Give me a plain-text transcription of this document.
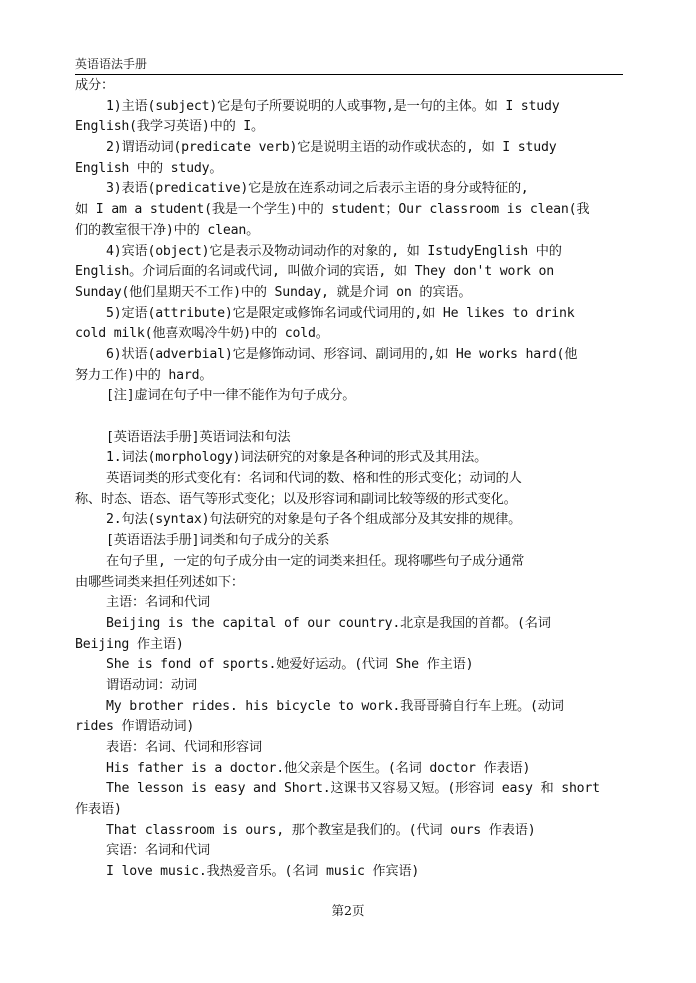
英语语法手册
成分：
1)主语(subject)它是句子所要说明的人或事物,是一句的主体。如 I study
English(我学习英语)中的 I。
2)谓语动词(predicate verb)它是说明主语的动作或状态的, 如 I study
English 中的 study。
3)表语(predicative)它是放在连系动词之后表示主语的身分或特征的,
如 I am a student(我是一个学生)中的 student；Our classroom is clean(我
们的教室很干净)中的 clean。
4)宾语(object)它是表示及物动词动作的对象的, 如 IstudyEnglish 中的
English。介词后面的名词或代词, 叫做介词的宾语, 如 They don't work on
Sunday(他们星期天不工作)中的 Sunday, 就是介词 on 的宾语。
5)定语(attribute)它是限定或修饰名词或代词用的,如 He likes to drink
cold milk(他喜欢喝冷牛奶)中的 cold。
6)状语(adverbial)它是修饰动词、形容词、副词用的,如 He works hard(他
努力工作)中的 hard。
[注]虚词在句子中一律不能作为句子成分。
[英语语法手册]英语词法和句法
1.词法(morphology)词法研究的对象是各种词的形式及其用法。
英语词类的形式变化有：名词和代词的数、格和性的形式变化；动词的人
称、时态、语态、语气等形式变化；以及形容词和副词比较等级的形式变化。
2.句法(syntax)句法研究的对象是句子各个组成部分及其安排的规律。
[英语语法手册]词类和句子成分的关系
在句子里, 一定的句子成分由一定的词类来担任。现将哪些句子成分通常
由哪些词类来担任列述如下：
主语：名词和代词
Beijing is the capital of our country.北京是我国的首都。(名词
Beijing 作主语)
She is fond of sports.她爱好运动。(代词 She 作主语)
谓语动词：动词
My brother rides. his bicycle to work.我哥哥骑自行车上班。(动词
rides 作谓语动词)
表语：名词、代词和形容词
His father is a doctor.他父亲是个医生。(名词 doctor 作表语)
The lesson is easy and Short.这课书又容易又短。(形容词 easy 和 short
作表语)
That classroom is ours, 那个教室是我们的。(代词 ours 作表语)
宾语：名词和代词
I love music.我热爱音乐。(名词 music 作宾语)
第2页
